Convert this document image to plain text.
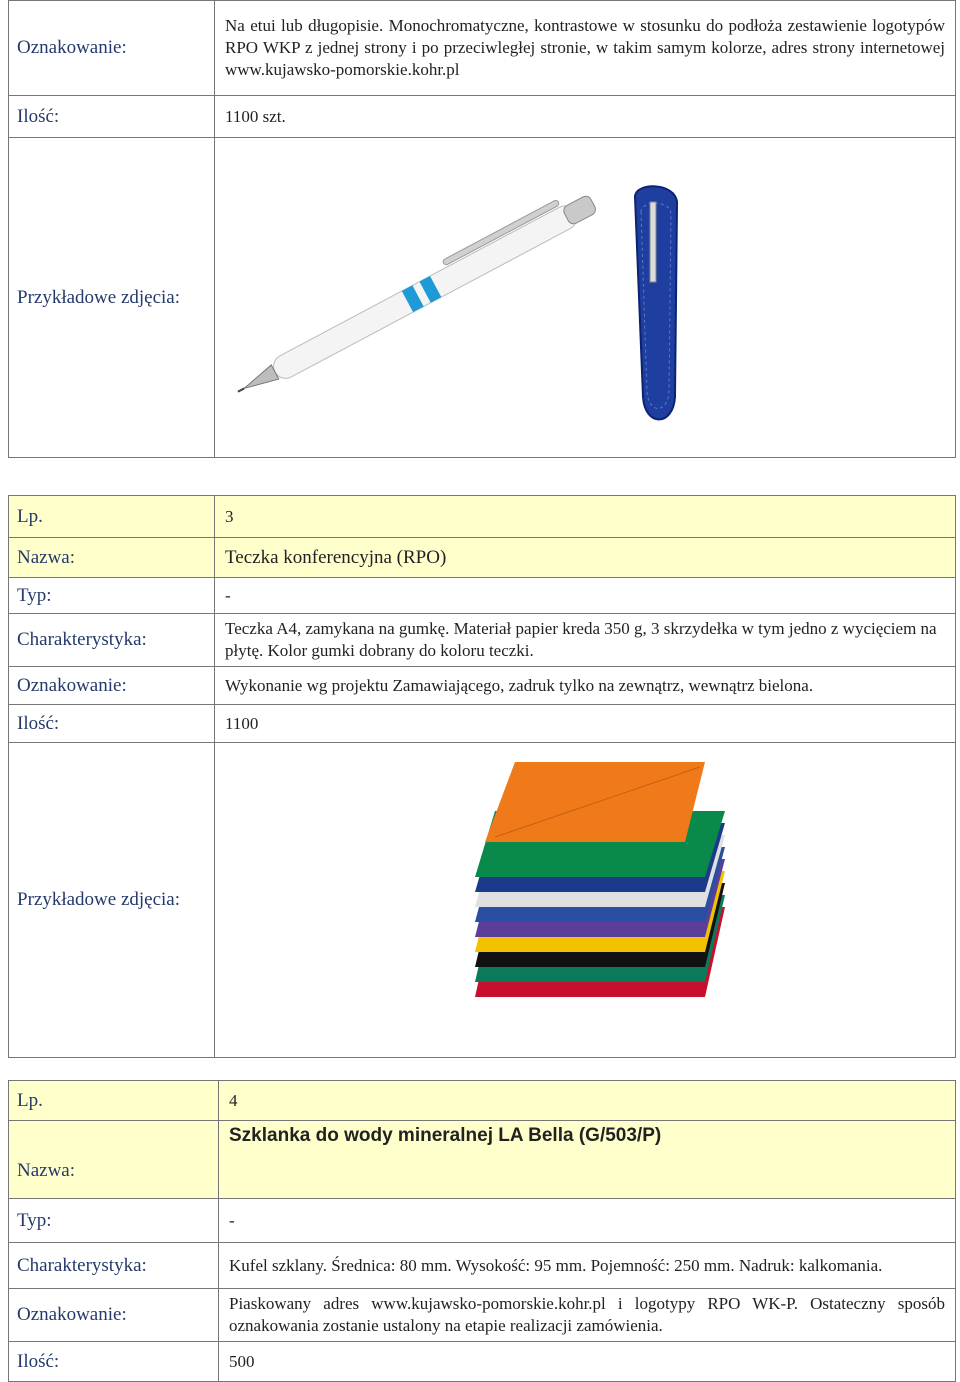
Oznakowanie:	Na etui lub długopisie. Monochromatyczne, kontrastowe w stosunku do podłoża zestawienie logotypów RPO WKP z jednej strony i po przeciwległej stronie, w takim samym kolorze, adres strony internetowej www.kujawsko-pomorskie.kohr.pl
Ilość:	1100 szt.
Przykładowe zdjęcia:	
Lp.	3
Nazwa:	Teczka konferencyjna (RPO)
Typ:	-
Charakterystyka:	Teczka A4, zamykana na gumkę. Materiał papier kreda 350 g, 3 skrzydełka w tym jedno z wycięciem na płytę. Kolor gumki dobrany do koloru teczki.
Oznakowanie:	Wykonanie wg projektu Zamawiającego, zadruk tylko na zewnątrz, wewnątrz bielona.
Ilość:	1100
Przykładowe zdjęcia:	
Lp.	4
Nazwa:	Szklanka do wody mineralnej LA Bella (G/503/P)
Typ:	-
Charakterystyka:	Kufel szklany. Średnica: 80 mm. Wysokość: 95 mm. Pojemność: 250 mm. Nadruk: kalkomania.
Oznakowanie:	Piaskowany adres www.kujawsko-pomorskie.kohr.pl i logotypy RPO WK-P. Ostateczny sposób oznakowania zostanie ustalony na etapie realizacji zamówienia.
Ilość:	500
